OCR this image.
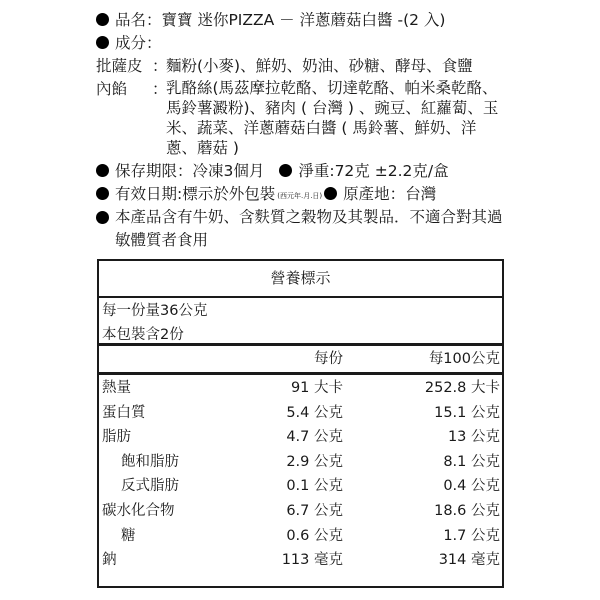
品名：寶寶 迷你PIZZA － 洋蔥蘑菇白醬 -(2 入)
成分：
批薩皮 ：
麵粉(小麥)、鮮奶、奶油、砂糖、酵母、食鹽
內餡	：
乳酪絲(馬茲摩拉乾酪、切達乾酪、帕米桑乾酪、馬鈴薯澱粉)、豬肉 ( 台灣 ) 、豌豆、紅蘿蔔、玉米、蔬菜、洋蔥蘑菇白醬 ( 馬鈴薯、鮮奶、洋蔥、蘑菇 )
保存期限：冷凍3個月 淨重:72克 ±2.2克/盒
有效日期:標示於外包裝 (西元年.月.日) 原產地：台灣
本產品含有牛奶、含麩質之穀物及其製品．不適合對其過敏體質者食用
營養標示
每一份量36公克
本包裝含2份
每份	每100公克
熱量	91 大卡	252.8 大卡
蛋白質	5.4 公克	15.1 公克
脂肪	4.7 公克	13 公克
飽和脂肪	2.9 公克	8.1 公克
反式脂肪	0.1 公克	0.4 公克
碳水化合物	6.7 公克	18.6 公克
糖	0.6 公克	1.7 公克
鈉	113 毫克	314 毫克
